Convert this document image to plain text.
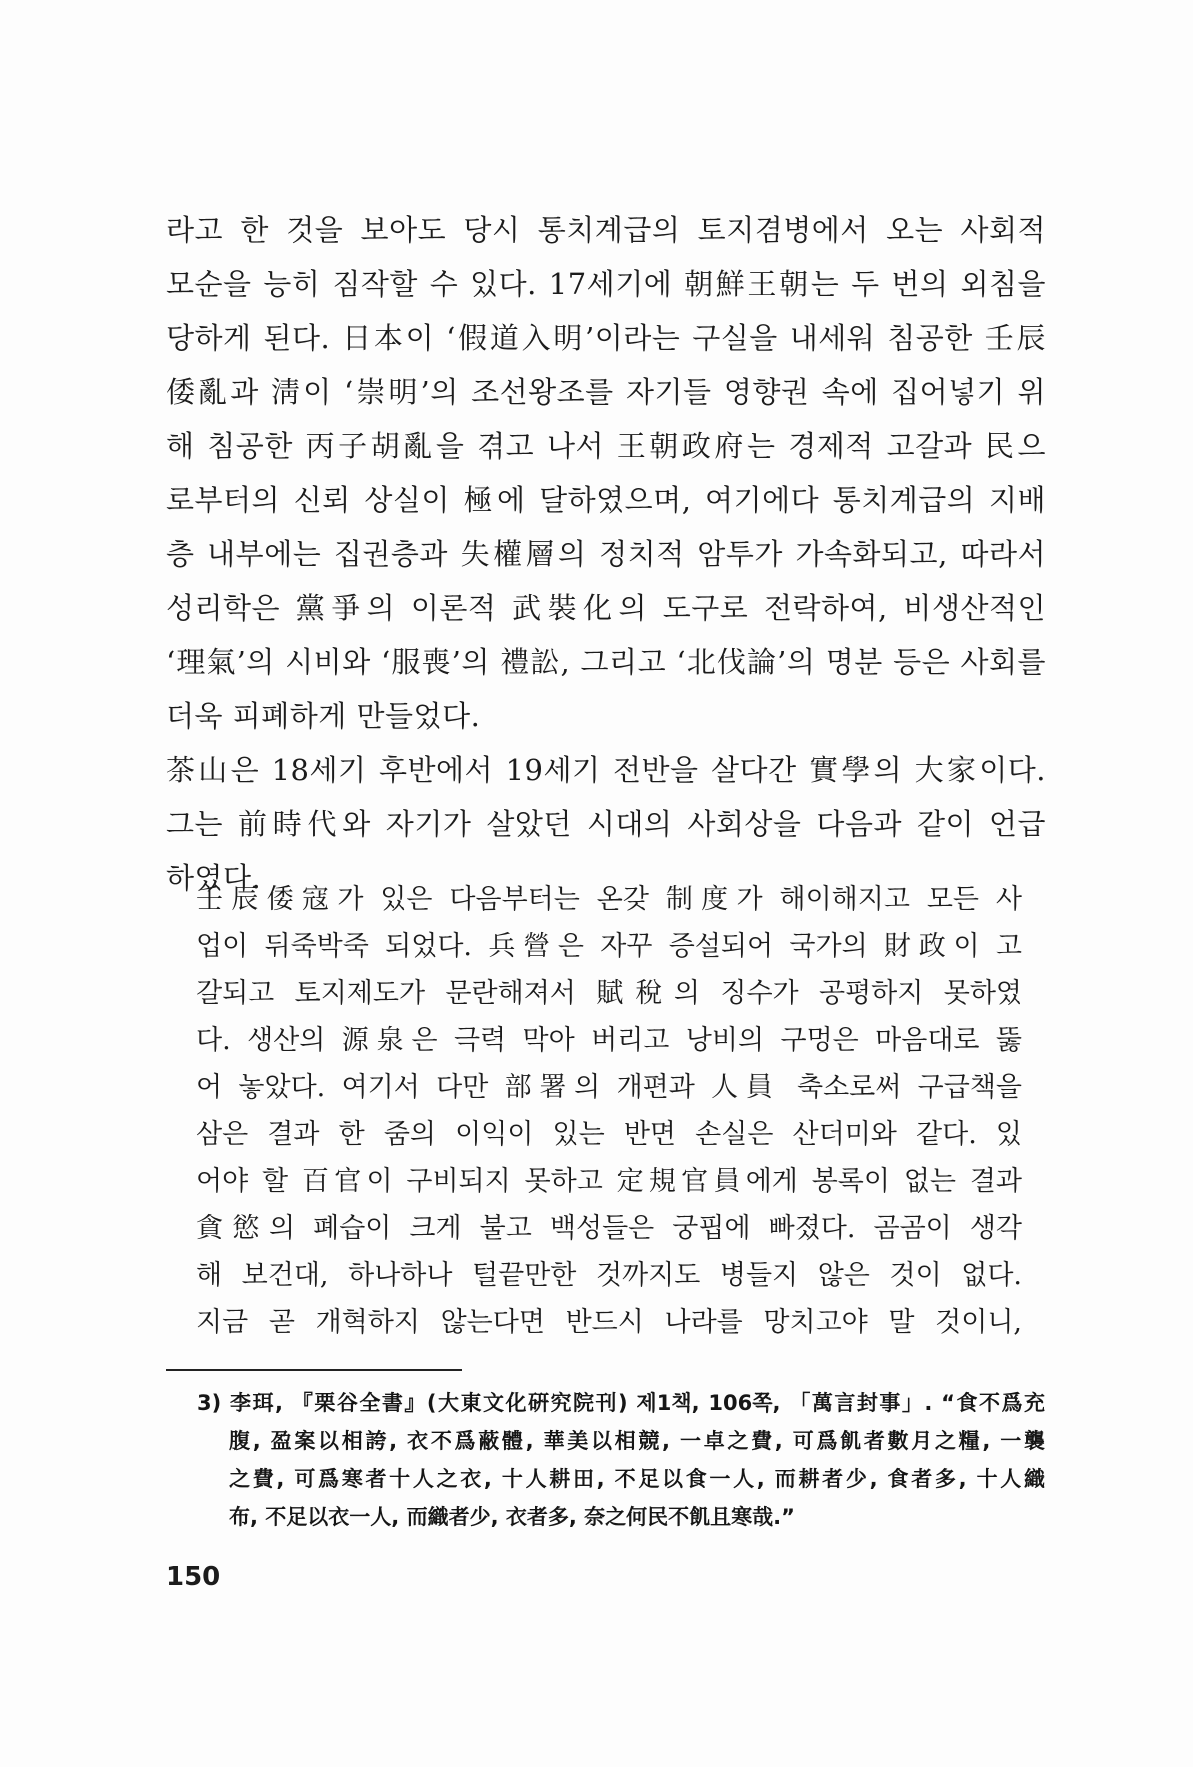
라고 한 것을 보아도 당시 통치계급의 토지겸병에서 오는 사회적
모순을 능히 짐작할 수 있다. 17세기에 朝鮮王朝는 두 번의 외침을
당하게 된다. 日本이 ‘假道入明’이라는 구실을 내세워 침공한 壬辰
倭亂과 淸이 ‘崇明’의 조선왕조를 자기들 영향권 속에 집어넣기 위
해 침공한 丙子胡亂을 겪고 나서 王朝政府는 경제적 고갈과 民으
로부터의 신뢰 상실이 極에 달하였으며, 여기에다 통치계급의 지배
층 내부에는 집권층과 失權層의 정치적 암투가 가속화되고, 따라서
성리학은 黨爭의 이론적 武裝化의 도구로 전락하여, 비생산적인
‘理氣’의 시비와 ‘服喪’의 禮訟, 그리고 ‘北伐論’의 명분 등은 사회를
더욱 피폐하게 만들었다.
茶山은 18세기 후반에서 19세기 전반을 살다간 實學의 大家이다.
그는 前時代와 자기가 살았던 시대의 사회상을 다음과 같이 언급
하였다.
壬辰倭寇가 있은 다음부터는 온갖 制度가 해이해지고 모든 사
업이 뒤죽박죽 되었다. 兵營은 자꾸 증설되어 국가의 財政이 고
갈되고 토지제도가 문란해져서 賦稅의 징수가 공평하지 못하였
다. 생산의 源泉은 극력 막아 버리고 낭비의 구멍은 마음대로 뚫
어 놓았다. 여기서 다만 部署의 개편과 人員 축소로써 구급책을
삼은 결과 한 줌의 이익이 있는 반면 손실은 산더미와 같다. 있
어야 할 百官이 구비되지 못하고 定規官員에게 봉록이 없는 결과
貪慾의 폐습이 크게 불고 백성들은 궁핍에 빠졌다. 곰곰이 생각
해 보건대, 하나하나 털끝만한 것까지도 병들지 않은 것이 없다.
지금 곧 개혁하지 않는다면 반드시 나라를 망치고야 말 것이니,
3) 李珥, 『栗谷全書』(大東文化硏究院刊) 제1책, 106쪽, 「萬言封事」. “食不爲充
腹, 盈案以相誇, 衣不爲蔽體, 華美以相競, 一卓之費, 可爲飢者數月之糧, 一襲
之費, 可爲寒者十人之衣, 十人耕田, 不足以食一人, 而耕者少, 食者多, 十人織
布, 不足以衣一人, 而織者少, 衣者多, 奈之何民不飢且寒哉.”
150
